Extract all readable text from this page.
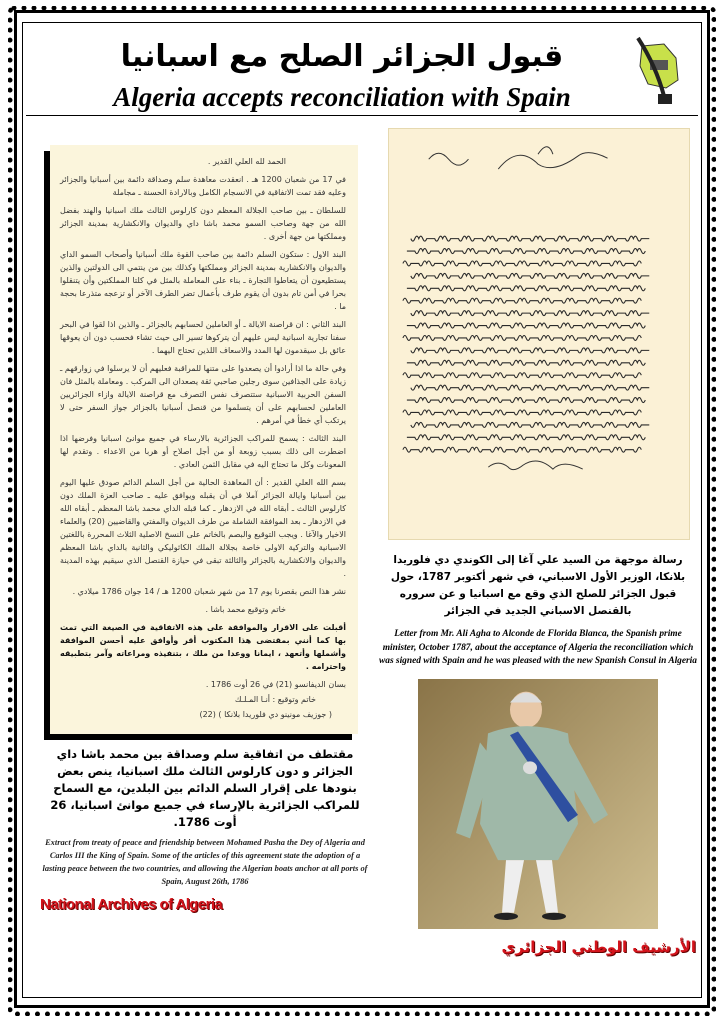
قبول الجزائر الصلح مع اسبانيا
Algeria accepts reconciliation with Spain

الحمد لله العلي القدير .

في 17 من شعبان 1200 هـ . انعقدت معاهدة سلم وصداقة دائمة بين أسبانيا والجزائر وعليه فقد تمت الاتفاقية في الانسجام الكامل وبالارادة الحسنة ـ مجاملة

للسلطان ـ بين صاحب الجلالة المعظم دون كارلوس الثالث ملك اسبانيا والهند بفضل الله من جهة وصاحب السمو محمد باشا داي والديوان والانكشارية بمدينة الجزائر ومملكتها من جهة أخرى .

البند الاول : ستكون السلم دائمة بين صاحب القوة ملك أسبانيا وأصحاب السمو الداي والديوان والانكشارية بمدينة الجزائر ومملكتها وكذلك بين من ينتمي الى الدولتين والذين يستطيعون أن يتعاطوا التجارة ـ بناء على المعاملة بالمثل في كلتا المملكتين وأن يتنقلوا بحرا في أمن تام بدون أن يقوم طرف بأعمال تضر الطرف الآخر أو تزعجه متذرعا بحجة ما .

البند الثاني : ان قراصنة الايالة ـ أو العاملين لحسابهم بالجزائر ـ والذين اذا لقوا في البحر سفنا تجارية اسبانية ليس عليهم أن يتركوها تسير الى حيث تشاء فحسب دون أن يعوقها عائق بل سيقدمون لها المدد والاسعاف اللذين تحتاج اليهما .

وفي حالة ما اذا أرادوا أن يصعدوا على متنها للمراقبة فعليهم أن لا يرسلوا في زوارقهم ـ زيادة على الجذافين سوى رجلين صاحبي ثقة يصعدان الى المركب . ومعاملة بالمثل فان السفن الحربية الاسبانية ستتصرف نفس التصرف مع قراصنة الايالة وازاء الجزائريين العاملين لحسابهم على أن يتسلموا من قنصل أسبانيا بالجزائر جواز السفر حتى لا يرتكب أي خطأ في أمرهم .

البند الثالث : يسمح للمراكب الجزائرية بالارساء في جميع موانئ اسبانيا وفرضها اذا اضطرت الى ذلك بسبب زوبعة أو من أجل اصلاح أو هربا من الاعداء . وتقدم لها المعونات وكل ما تحتاج اليه في مقابل الثمن العادي .

بسم الله العلي القدير : أن المعاهدة الحالية من أجل السلم الدائم صودق عليها اليوم بين أسبانيا وايالة الجزائر آملا في أن يقبله ويوافق عليه ـ صاحب العزة الملك دون كارلوس الثالث ـ أبقاه الله في الازدهار ـ كما قبله الداي محمد باشا المعظم ـ أبقاه الله في الازدهار ـ بعد الموافقة الشاملة من طرف الديوان والمفتي والقاضيين (20) والعلماء الاخيار والآغا . ويجب التوقيع والبصم بالخاتم على النسخ الاصلية الثلاث المحررة باللغتين الاسبانية والتركية الاولى خاصة بجلالة الملك الكاثوليكي والثانية بالداي باشا المعظم والديوان والانكشارية بالجزائر والثالثة تبقى في حيازة القنصل الذي سيقيم بهذه المدينة .

نشر هذا النص بقصرنا يوم 17 من شهر شعبان 1200 هـ / 14 جوان 1786 ميلادي .

خاتم وتوقيع محمد باشا .

أقبلت على الاقرار والموافقة على هذه الاتفاقية في الصيغة التي تمت بها كما أنني بمقتضى هذا المكتوب أقر وأوافق عليه أحسن الموافقة وأشملها وأتعهد ، ايمانا ووعدا من ملك ، بتنفيذه ومراعاته وآمر بتطبيقه واحترامه .

بسان الديفانسو (21) في 26 أوت 1786 .

خاتم وتوقيع : أنـا المـلـك

( جوزيف مونينو دي فلوريدا بلانكا ) (22)

مقتطف من اتفاقية سلم وصداقة بين محمد باشا داي الجزائر و دون كارلوس الثالث ملك اسبانيا، ينص بعض بنودها على إقرار السلم الدائم بين البلدين، مع السماح للمراكب الجزائرية بالإرساء في جميع موانئ اسبانيا، 26 أوت 1786.
Extract from treaty of peace and friendship between Mohamed Pasha the Dey of Algeria and Carlos III the King of Spain. Some of the articles of this agreement state the adoption of a lasting peace between the two countries, and allowing the Algerian boats anchor at all ports of Spain, August 26th, 1786
National Archives of Algeria
رسالة موجهة من السيد علي آغا إلى الكوندي دي فلوريدا بلانكا، الوزير الأول الاسباني، في شهر أكتوبر 1787، حول قبول الجزائر للصلح الذي وقع مع اسبانيا و عن سروره بالقنصل الاسباني الجديد في الجزائر
Letter from Mr. Ali Agha to Alconde de Florida Blanca, the Spanish prime minister, October 1787, about the acceptance of Algeria the reconciliation which was signed with Spain and he was pleased with the new Spanish Consul in Algeria
الأرشيف الوطني الجزائري
